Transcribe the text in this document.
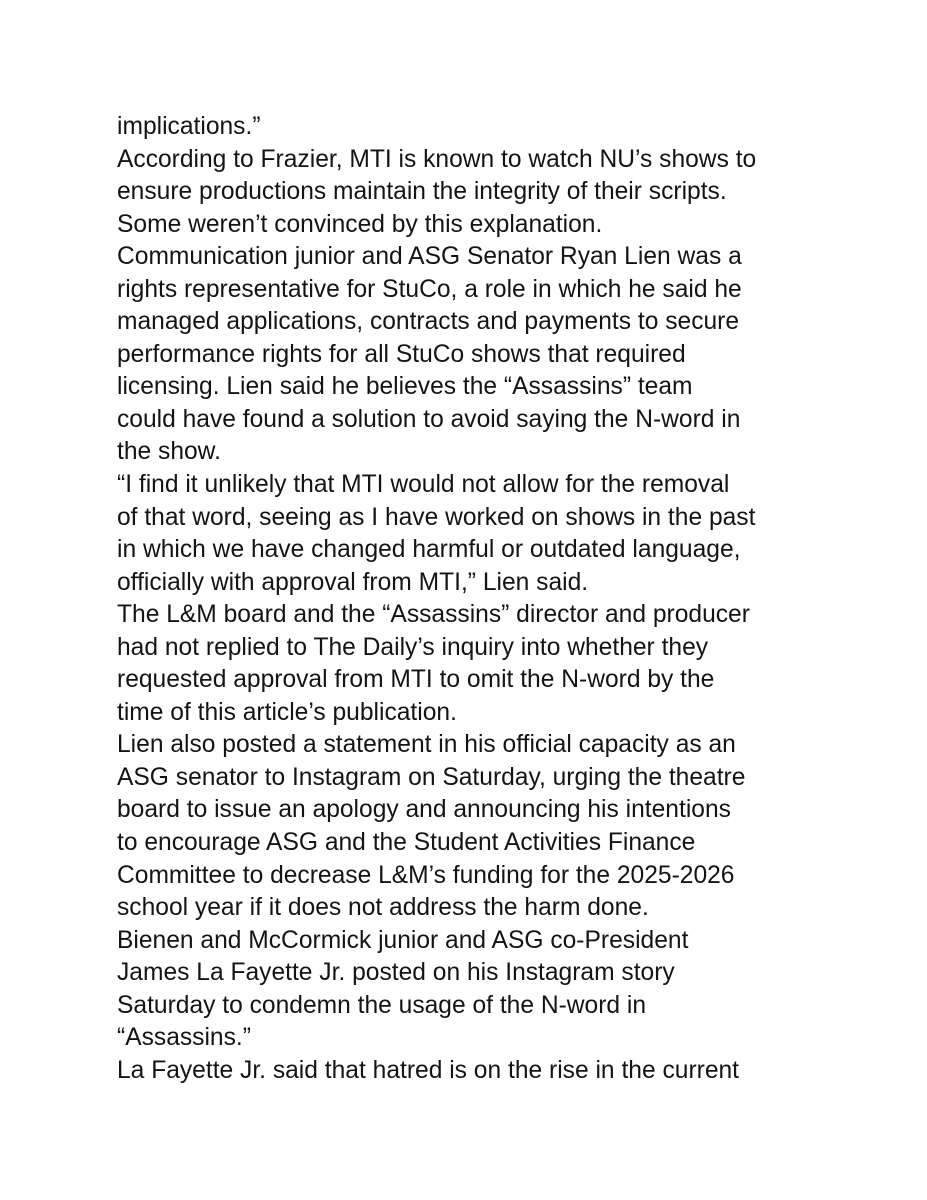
implications.”
According to Frazier, MTI is known to watch NU’s shows to
ensure productions maintain the integrity of their scripts.
Some weren’t convinced by this explanation.
Communication junior and ASG Senator Ryan Lien was a
rights representative for StuCo, a role in which he said he
managed applications, contracts and payments to secure
performance rights for all StuCo shows that required
licensing. Lien said he believes the “Assassins” team
could have found a solution to avoid saying the N-word in
the show.
“I find it unlikely that MTI would not allow for the removal
of that word, seeing as I have worked on shows in the past
in which we have changed harmful or outdated language,
officially with approval from MTI,” Lien said.
The L&M board and the “Assassins” director and producer
had not replied to The Daily’s inquiry into whether they
requested approval from MTI to omit the N-word by the
time of this article’s publication.
Lien also posted a statement in his official capacity as an
ASG senator to Instagram on Saturday, urging the theatre
board to issue an apology and announcing his intentions
to encourage ASG and the Student Activities Finance
Committee to decrease L&M’s funding for the 2025-2026
school year if it does not address the harm done.
Bienen and McCormick junior and ASG co-President
James La Fayette Jr. posted on his Instagram story
Saturday to condemn the usage of the N-word in
“Assassins.”
La Fayette Jr. said that hatred is on the rise in the current
